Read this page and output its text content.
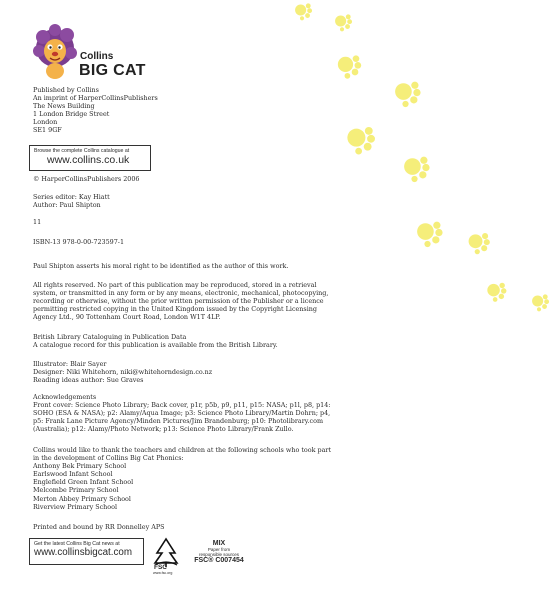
Collins
BIG CAT
Published by Collins
An imprint of HarperCollinsPublishers
The News Building
1 London Bridge Street
London
SE1 9GF
Browse the complete Collins catalogue at
www.collins.co.uk
© HarperCollinsPublishers 2006
Series editor: Kay Hiatt
Author: Paul Shipton
11
ISBN-13 978-0-00-723597-1
Paul Shipton asserts his moral right to be identified as the author of this work.
All rights reserved. No part of this publication may be reproduced, stored in a retrieval
system, or transmitted in any form or by any means, electronic, mechanical, photocopying,
recording or otherwise, without the prior written permission of the Publisher or a licence
permitting restricted copying in the United Kingdom issued by the Copyright Licensing
Agency Ltd., 90 Tottenham Court Road, London W1T 4LP.
British Library Cataloguing in Publication Data
A catalogue record for this publication is available from the British Library.
Illustrator: Blair Sayer
Designer: Niki Whitehorn, niki@whitehorndesign.co.nz
Reading ideas author: Sue Graves
Acknowledgements
Front cover: Science Photo Library; Back cover, p1r, p5b, p9, p11, p15: NASA; p1l, p8, p14:
SOHO (ESA & NASA); p2: Alamy/Aqua Image; p3: Science Photo Library/Martin Dohrn; p4,
p5: Frank Lane Picture Agency/Minden Pictures/Jim Brandenburg; p10: Photolibrary.com
(Australia); p12: Alamy/Photo Network; p13: Science Photo Library/Frank Zullo.
Collins would like to thank the teachers and children at the following schools who took part
in the development of Collins Big Cat Phonics:
Anthony Bek Primary School
Earlswood Infant School
Englefield Green Infant School
Melcombe Primary School
Merton Abbey Primary School
Riverview Primary School
Printed and bound by RR Donnelley APS
Get the latest Collins Big Cat news at
www.collinsbigcat.com
FSC
www.fsc.org
MIX
Paper from
responsible sources
FSC® C007454
